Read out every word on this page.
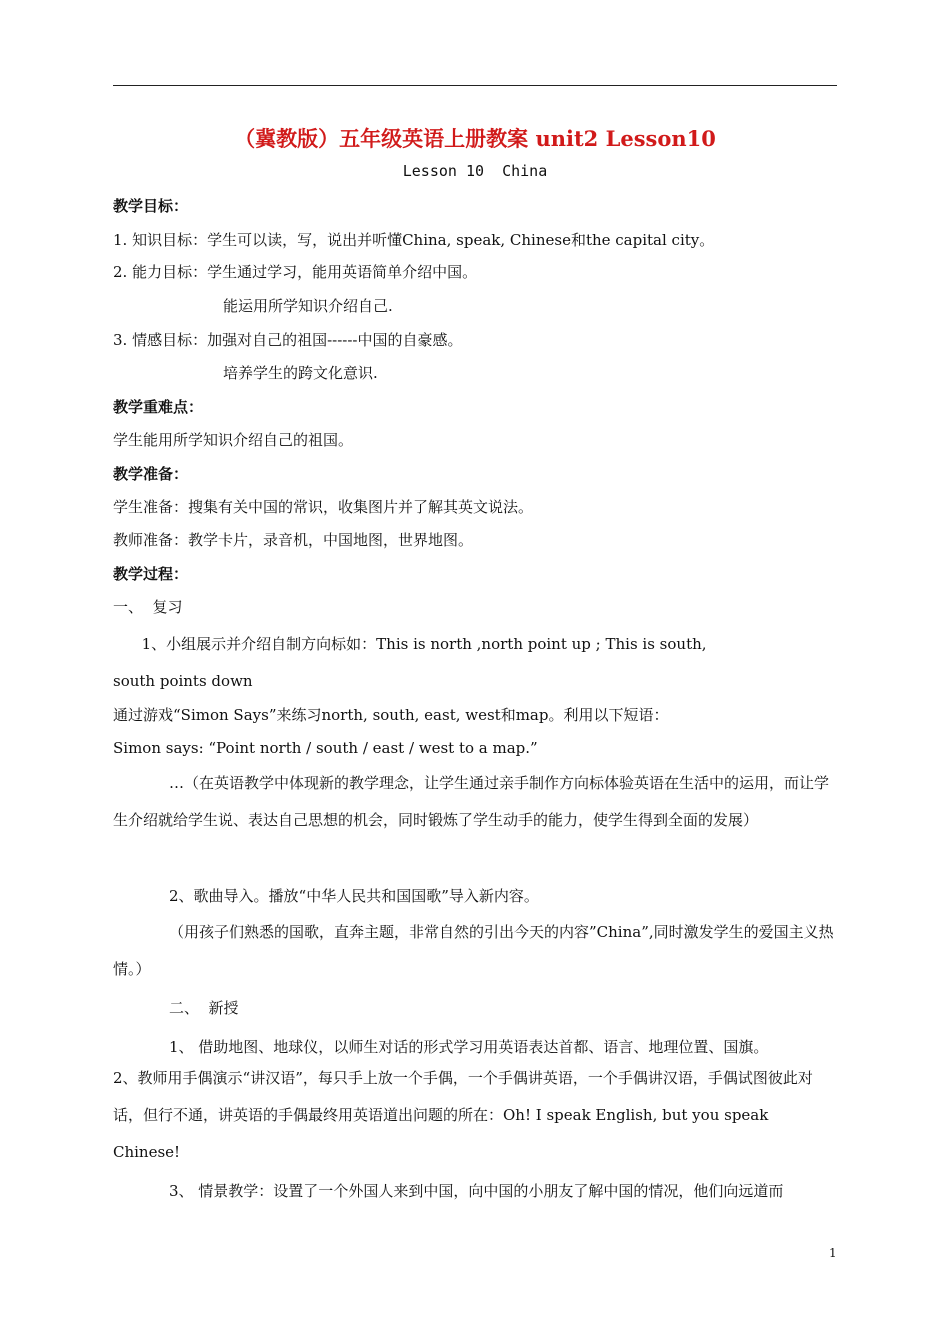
（冀教版）五年级英语上册教案 unit2 Lesson10
Lesson 10  China
教学目标：
1. 知识目标：学生可以读，写，说出并听懂China, speak, Chinese和the capital city。
2. 能力目标：学生通过学习，能用英语简单介绍中国。
能运用所学知识介绍自己.
3. 情感目标：加强对自己的祖国------中国的自豪感。
培养学生的跨文化意识.
教学重难点：
学生能用所学知识介绍自己的祖国。
教学准备：
学生准备：搜集有关中国的常识，收集图片并了解其英文说法。
教师准备：教学卡片，录音机，中国地图，世界地图。
教学过程：
一、  复习
1、小组展示并介绍自制方向标如：This is north ,north point up ; This is south,
south points down
通过游戏“Simon Says”来练习north, south, east, west和map。利用以下短语：
Simon says: “Point north / south / east / west to a map.”
…（在英语教学中体现新的教学理念，让学生通过亲手制作方向标体验英语在生活中的运用，而让学生介绍就给学生说、表达自己思想的机会，同时锻炼了学生动手的能力，使学生得到全面的发展）
2、歌曲导入。播放“中华人民共和国国歌”导入新内容。
（用孩子们熟悉的国歌，直奔主题，非常自然的引出今天的内容”China”,同时激发学生的爱国主义热情。）
二、  新授
1、 借助地图、地球仪，以师生对话的形式学习用英语表达首都、语言、地理位置、国旗。
2、教师用手偶演示“讲汉语”，每只手上放一个手偶，一个手偶讲英语，一个手偶讲汉语，手偶试图彼此对话，但行不通，讲英语的手偶最终用英语道出问题的所在：Oh! I speak English, but you speak Chinese!
3、 情景教学：设置了一个外国人来到中国，向中国的小朋友了解中国的情况，他们向远道而
1
